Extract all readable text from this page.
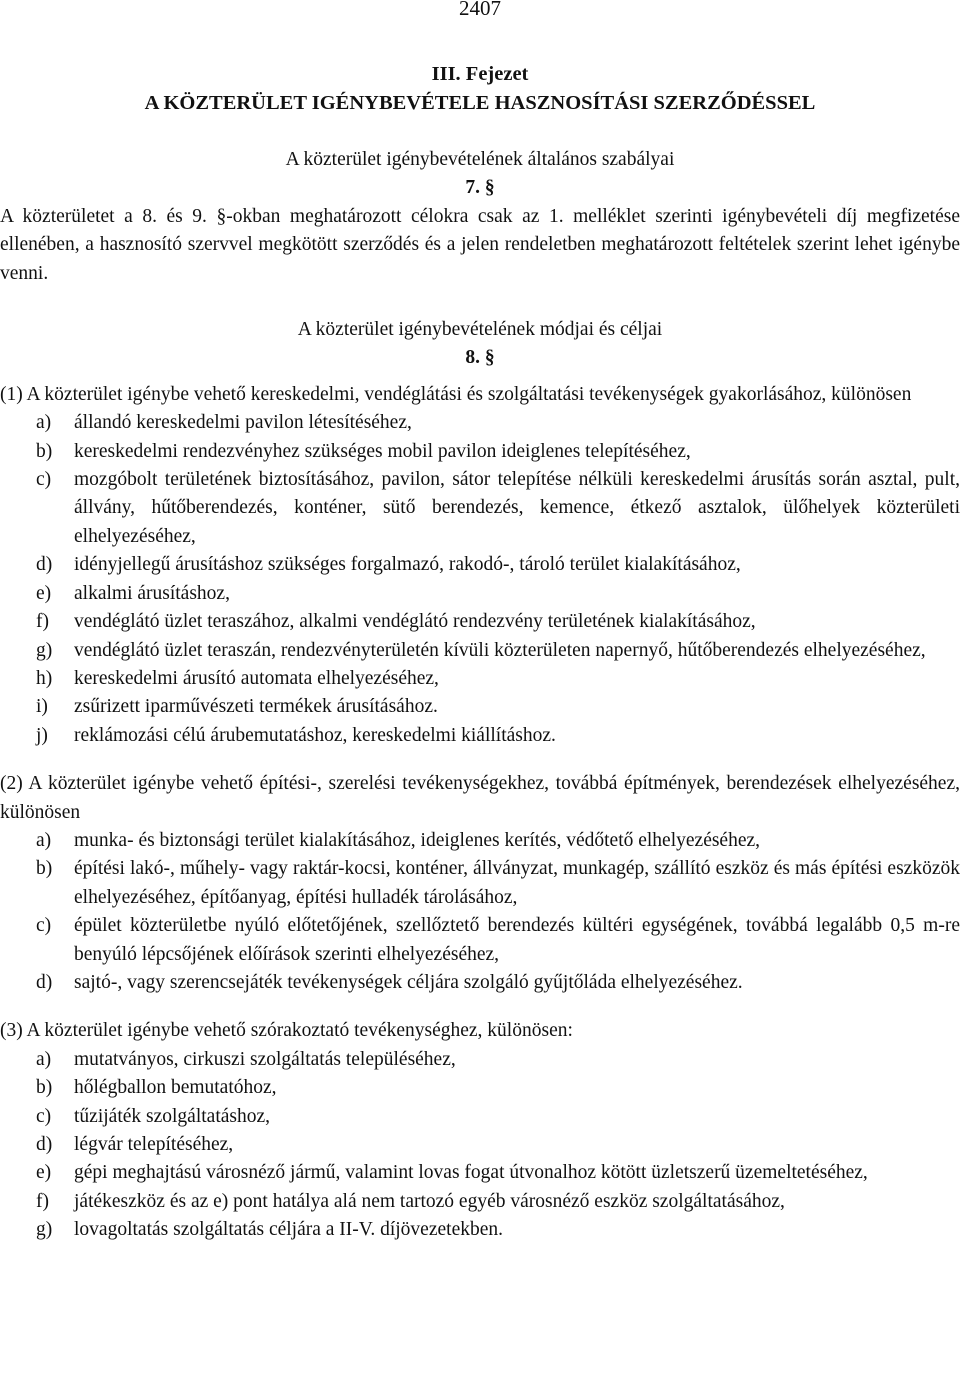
2407
III. Fejezet
A KÖZTERÜLET IGÉNYBEVÉTELE HASZNOSÍTÁSI SZERZŐDÉSSEL
A közterület igénybevételének általános szabályai
7. §

A közterületet a 8. és 9. §-okban meghatározott célokra csak az 1. melléklet szerinti igénybevételi díj megfizetése ellenében, a hasznosító szervvel megkötött szerződés és a jelen rendeletben meghatározott feltételek szerint lehet igénybe venni.

A közterület igénybevételének módjai és céljai
8. §

(1) A közterület igénybe vehető kereskedelmi, vendéglátási és szolgáltatási tevékenységek gyakorlásához, különösen

a)	állandó kereskedelmi pavilon létesítéséhez,
b)	kereskedelmi rendezvényhez szükséges mobil pavilon ideiglenes telepítéséhez,
c)	mozgóbolt területének biztosításához, pavilon, sátor telepítése nélküli kereskedelmi árusítás során asztal, pult, állvány, hűtőberendezés, konténer, sütő berendezés, kemence, étkező asztalok, ülőhelyek közterületi elhelyezéséhez,
d)	idényjellegű árusításhoz szükséges forgalmazó, rakodó-, tároló terület kialakításához,
e)	alkalmi árusításhoz,
f)	vendéglátó üzlet teraszához, alkalmi vendéglátó rendezvény területének kialakításához,
g)	vendéglátó üzlet teraszán, rendezvényterületén kívüli közterületen napernyő, hűtőberendezés elhelyezéséhez,
h)	kereskedelmi árusító automata elhelyezéséhez,
i)	zsűrizett iparművészeti termékek árusításához.
j)	reklámozási célú árubemutatáshoz, kereskedelmi kiállításhoz.

(2) A közterület igénybe vehető építési-, szerelési tevékenységekhez, továbbá építmények, berendezések elhelyezéséhez, különösen

a)	munka- és biztonsági terület kialakításához, ideiglenes kerítés, védőtető elhelyezéséhez,
b)	építési lakó-, műhely- vagy raktár-kocsi, konténer, állványzat, munkagép, szállító eszköz és más építési eszközök elhelyezéséhez, építőanyag, építési hulladék tárolásához,
c)	épület közterületbe nyúló előtetőjének, szellőztető berendezés kültéri egységének, továbbá legalább 0,5 m-re benyúló lépcsőjének előírások szerinti elhelyezéséhez,
d)	sajtó-, vagy szerencsejáték tevékenységek céljára szolgáló gyűjtőláda elhelyezéséhez.

(3) A közterület igénybe vehető szórakoztató tevékenységhez, különösen:

a)	mutatványos, cirkuszi szolgáltatás településéhez,
b)	hőlégballon bemutatóhoz,
c)	tűzijáték szolgáltatáshoz,
d)	légvár telepítéséhez,
e)	gépi meghajtású városnéző jármű, valamint lovas fogat útvonalhoz kötött üzletszerű üzemeltetéséhez,
f)	játékeszköz és az e) pont hatálya alá nem tartozó egyéb városnéző eszköz szolgáltatásához,
g)	lovagoltatás szolgáltatás céljára a II-V. díjövezetekben.
